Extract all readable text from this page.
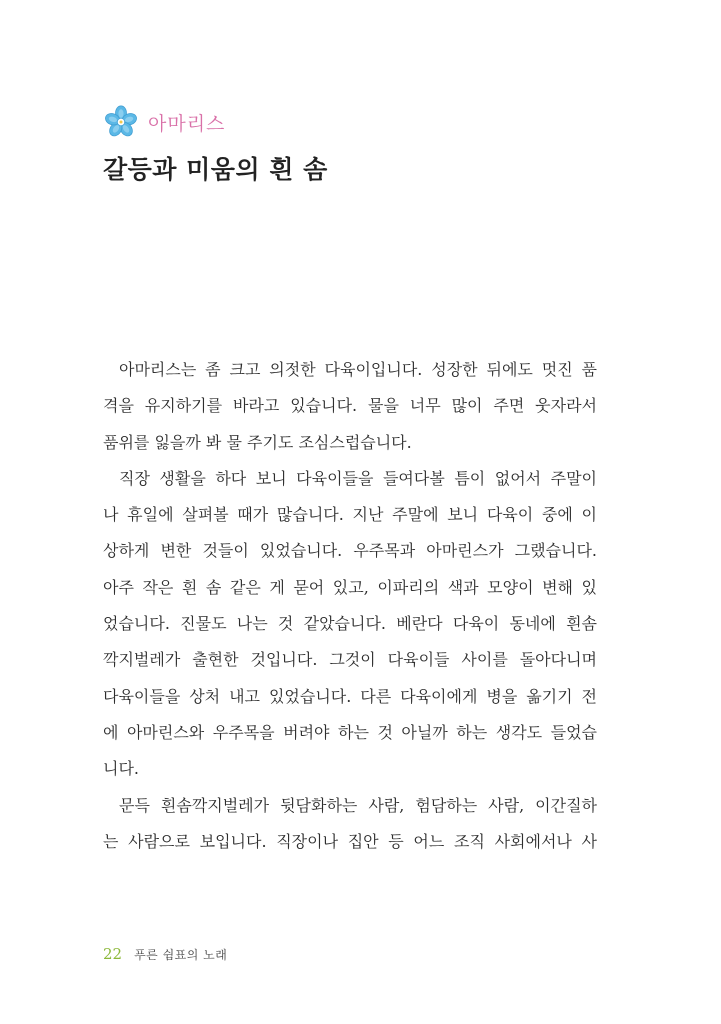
아마리스
갈등과 미움의 흰 솜
아마리스는 좀 크고 의젓한 다육이입니다. 성장한 뒤에도 멋진 품
격을 유지하기를 바라고 있습니다. 물을 너무 많이 주면 웃자라서
품위를 잃을까 봐 물 주기도 조심스럽습니다.
직장 생활을 하다 보니 다육이들을 들여다볼 틈이 없어서 주말이
나 휴일에 살펴볼 때가 많습니다. 지난 주말에 보니 다육이 중에 이
상하게 변한 것들이 있었습니다. 우주목과 아마린스가 그랬습니다.
아주 작은 흰 솜 같은 게 묻어 있고, 이파리의 색과 모양이 변해 있
었습니다. 진물도 나는 것 같았습니다. 베란다 다육이 동네에 흰솜
깍지벌레가 출현한 것입니다. 그것이 다육이들 사이를 돌아다니며
다육이들을 상처 내고 있었습니다. 다른 다육이에게 병을 옮기기 전
에 아마린스와 우주목을 버려야 하는 것 아닐까 하는 생각도 들었습
니다.
문득 흰솜깍지벌레가 뒷담화하는 사람, 험담하는 사람, 이간질하
는 사람으로 보입니다. 직장이나 집안 등 어느 조직 사회에서나 사
22 푸른 쉼표의 노래
